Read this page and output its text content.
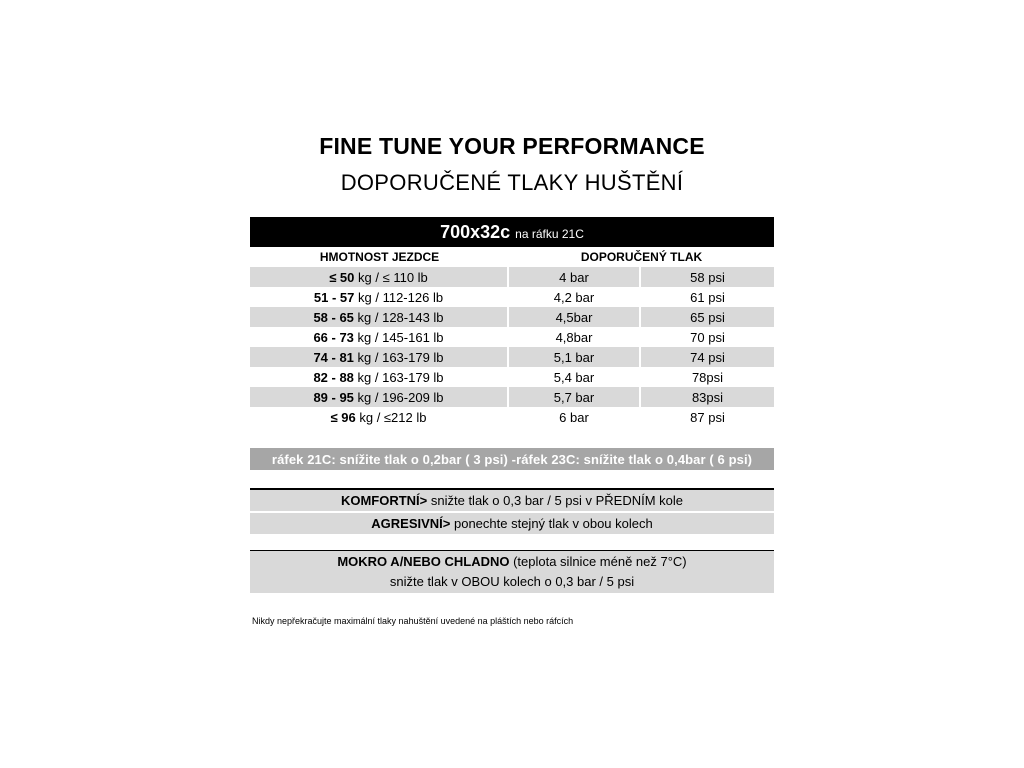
FINE TUNE YOUR PERFORMANCE
DOPORUČENÉ TLAKY HUŠTĚNÍ
700x32c na ráfku 21C
HMOTNOST JEZDCE	DOPORUČENÝ TLAK
≤ 50 kg / ≤ 110 lb	4 bar	58 psi
51 - 57 kg / 112-126 lb	4,2 bar	61 psi
58 - 65 kg / 128-143 lb	4,5bar	65 psi
66 - 73 kg / 145-161 lb	4,8bar	70 psi
74 - 81 kg / 163-179 lb	5,1 bar	74 psi
82 - 88 kg / 163-179 lb	5,4 bar	78psi
89 - 95 kg / 196-209 lb	5,7 bar	83psi
≤ 96 kg / ≤212 lb	6 bar	87 psi
ráfek 21C: snížite tlak o 0,2bar ( 3 psi) -ráfek 23C: snížite tlak o 0,4bar ( 6 psi)
KOMFORTNÍ> snižte tlak o 0,3 bar / 5 psi v PŘEDNÍM kole
AGRESIVNÍ> ponechte stejný tlak v obou kolech
MOKRO A/NEBO CHLADNO (teplota silnice méně než 7°C)
snižte tlak v OBOU kolech o 0,3 bar / 5 psi
Nikdy nepřekračujte maximální tlaky nahuštění uvedené na pláštích nebo ráfcích
